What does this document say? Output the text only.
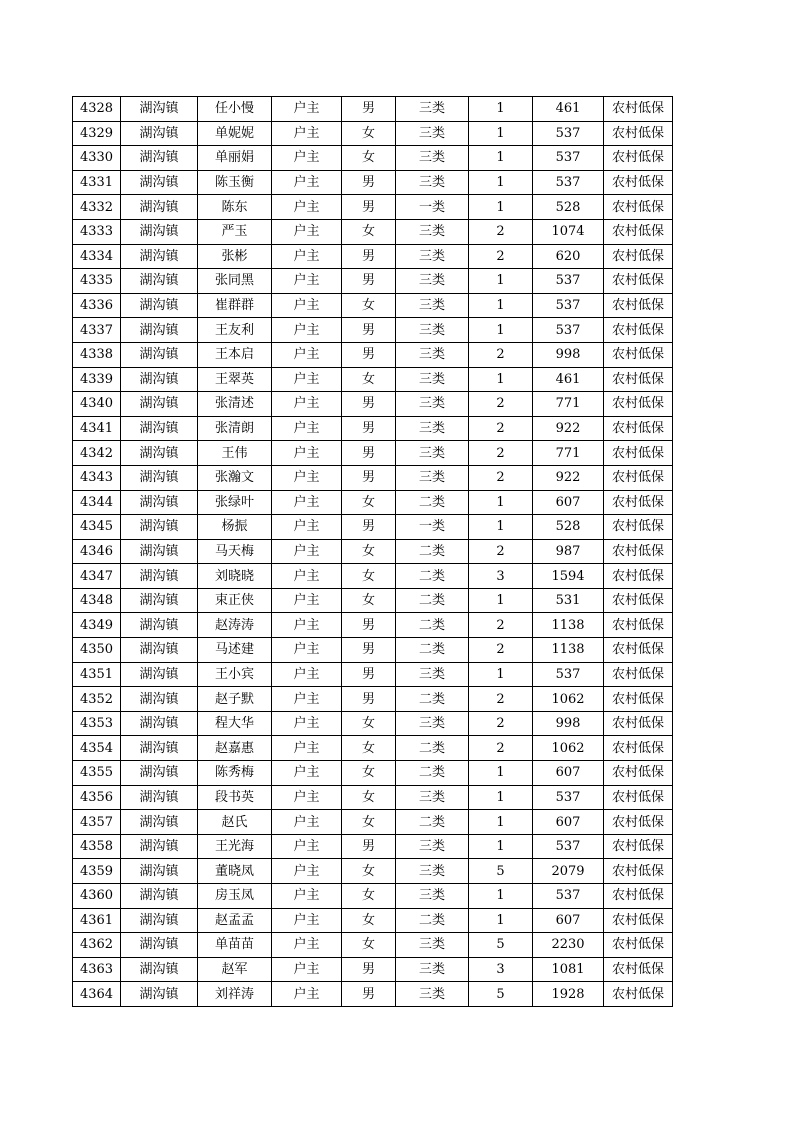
4328	湖沟镇	任小慢	户主	男	三类	1	461	农村低保
4329	湖沟镇	单妮妮	户主	女	三类	1	537	农村低保
4330	湖沟镇	单丽娟	户主	女	三类	1	537	农村低保
4331	湖沟镇	陈玉衡	户主	男	三类	1	537	农村低保
4332	湖沟镇	陈东	户主	男	一类	1	528	农村低保
4333	湖沟镇	严玉	户主	女	三类	2	1074	农村低保
4334	湖沟镇	张彬	户主	男	三类	2	620	农村低保
4335	湖沟镇	张同黑	户主	男	三类	1	537	农村低保
4336	湖沟镇	崔群群	户主	女	三类	1	537	农村低保
4337	湖沟镇	王友利	户主	男	三类	1	537	农村低保
4338	湖沟镇	王本启	户主	男	三类	2	998	农村低保
4339	湖沟镇	王翠英	户主	女	三类	1	461	农村低保
4340	湖沟镇	张清述	户主	男	三类	2	771	农村低保
4341	湖沟镇	张清朗	户主	男	三类	2	922	农村低保
4342	湖沟镇	王伟	户主	男	三类	2	771	农村低保
4343	湖沟镇	张瀚文	户主	男	三类	2	922	农村低保
4344	湖沟镇	张绿叶	户主	女	二类	1	607	农村低保
4345	湖沟镇	杨振	户主	男	一类	1	528	农村低保
4346	湖沟镇	马天梅	户主	女	二类	2	987	农村低保
4347	湖沟镇	刘晓晓	户主	女	二类	3	1594	农村低保
4348	湖沟镇	束正侠	户主	女	二类	1	531	农村低保
4349	湖沟镇	赵涛涛	户主	男	二类	2	1138	农村低保
4350	湖沟镇	马述建	户主	男	二类	2	1138	农村低保
4351	湖沟镇	王小宾	户主	男	三类	1	537	农村低保
4352	湖沟镇	赵子默	户主	男	二类	2	1062	农村低保
4353	湖沟镇	程大华	户主	女	三类	2	998	农村低保
4354	湖沟镇	赵嘉惠	户主	女	二类	2	1062	农村低保
4355	湖沟镇	陈秀梅	户主	女	二类	1	607	农村低保
4356	湖沟镇	段书英	户主	女	三类	1	537	农村低保
4357	湖沟镇	赵氏	户主	女	二类	1	607	农村低保
4358	湖沟镇	王光海	户主	男	三类	1	537	农村低保
4359	湖沟镇	董晓凤	户主	女	三类	5	2079	农村低保
4360	湖沟镇	房玉凤	户主	女	三类	1	537	农村低保
4361	湖沟镇	赵孟孟	户主	女	二类	1	607	农村低保
4362	湖沟镇	单苗苗	户主	女	三类	5	2230	农村低保
4363	湖沟镇	赵军	户主	男	三类	3	1081	农村低保
4364	湖沟镇	刘祥涛	户主	男	三类	5	1928	农村低保
